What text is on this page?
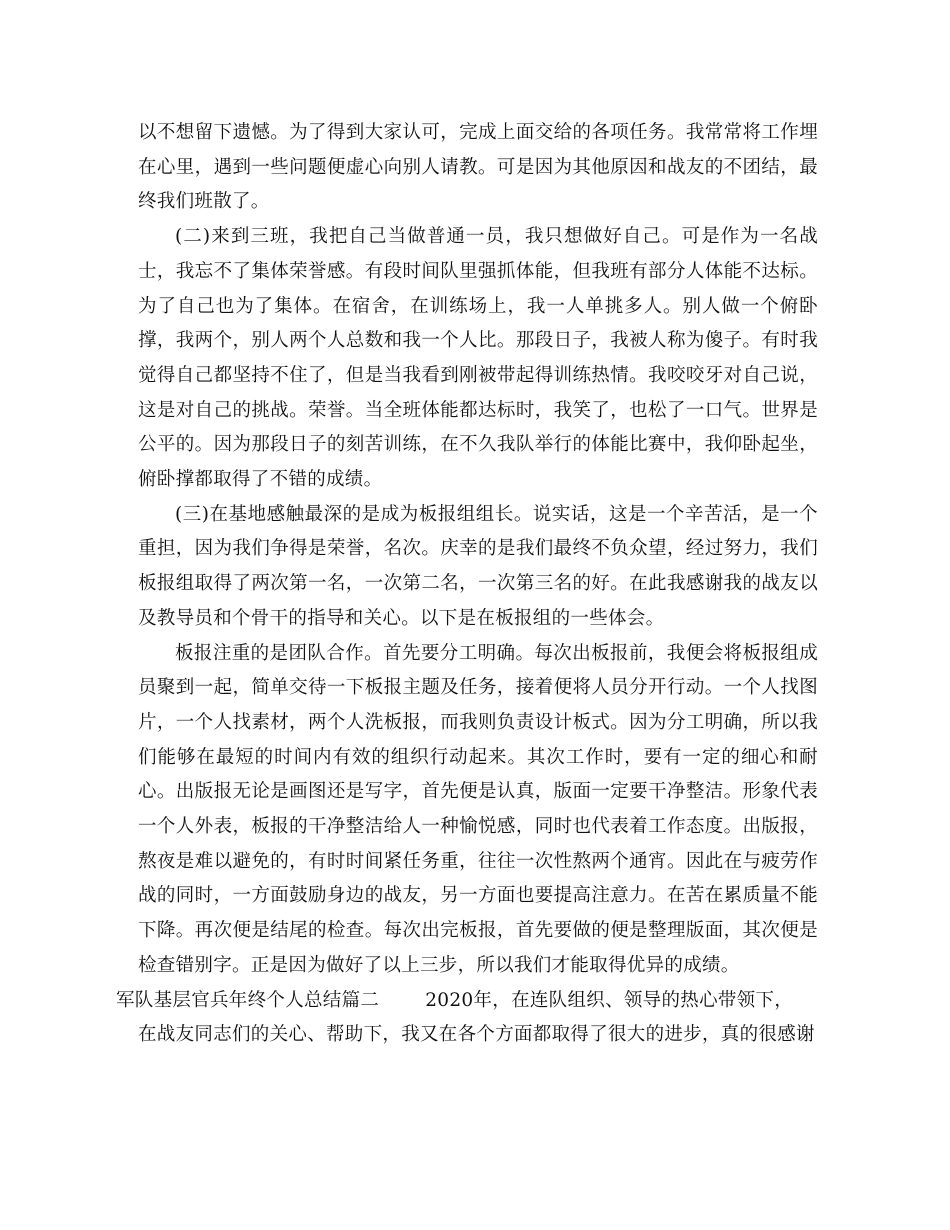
以不想留下遗憾。为了得到大家认可，完成上面交给的各项任务。我常常将工作埋在心里，遇到一些问题便虚心向别人请教。可是因为其他原因和战友的不团结，最终我们班散了。

(二)来到三班，我把自己当做普通一员，我只想做好自己。可是作为一名战士，我忘不了集体荣誉感。有段时间队里强抓体能，但我班有部分人体能不达标。为了自己也为了集体。在宿舍，在训练场上，我一人单挑多人。别人做一个俯卧撑，我两个，别人两个人总数和我一个人比。那段日子，我被人称为傻子。有时我觉得自己都坚持不住了，但是当我看到刚被带起得训练热情。我咬咬牙对自己说，这是对自己的挑战。荣誉。当全班体能都达标时，我笑了，也松了一口气。世界是公平的。因为那段日子的刻苦训练，在不久我队举行的体能比赛中，我仰卧起坐，俯卧撑都取得了不错的成绩。

(三)在基地感触最深的是成为板报组组长。说实话，这是一个辛苦活，是一个重担，因为我们争得是荣誉，名次。庆幸的是我们最终不负众望，经过努力，我们板报组取得了两次第一名，一次第二名，一次第三名的好。在此我感谢我的战友以及教导员和个骨干的指导和关心。以下是在板报组的一些体会。

板报注重的是团队合作。首先要分工明确。每次出板报前，我便会将板报组成员聚到一起，简单交待一下板报主题及任务，接着便将人员分开行动。一个人找图片，一个人找素材，两个人洗板报，而我则负责设计板式。因为分工明确，所以我们能够在最短的时间内有效的组织行动起来。其次工作时，要有一定的细心和耐心。出版报无论是画图还是写字，首先便是认真，版面一定要干净整洁。形象代表一个人外表，板报的干净整洁给人一种愉悦感，同时也代表着工作态度。出版报，熬夜是难以避免的，有时时间紧任务重，往往一次性熬两个通宵。因此在与疲劳作战的同时，一方面鼓励身边的战友，另一方面也要提高注意力。在苦在累质量不能下降。再次便是结尾的检查。每次出完板报，首先要做的便是整理版面，其次便是检查错别字。正是因为做好了以上三步，所以我们才能取得优异的成绩。

军队基层官兵年终个人总结篇二 2020年，在连队组织、领导的热心带领下，

在战友同志们的关心、帮助下，我又在各个方面都取得了很大的进步，真的很感谢
